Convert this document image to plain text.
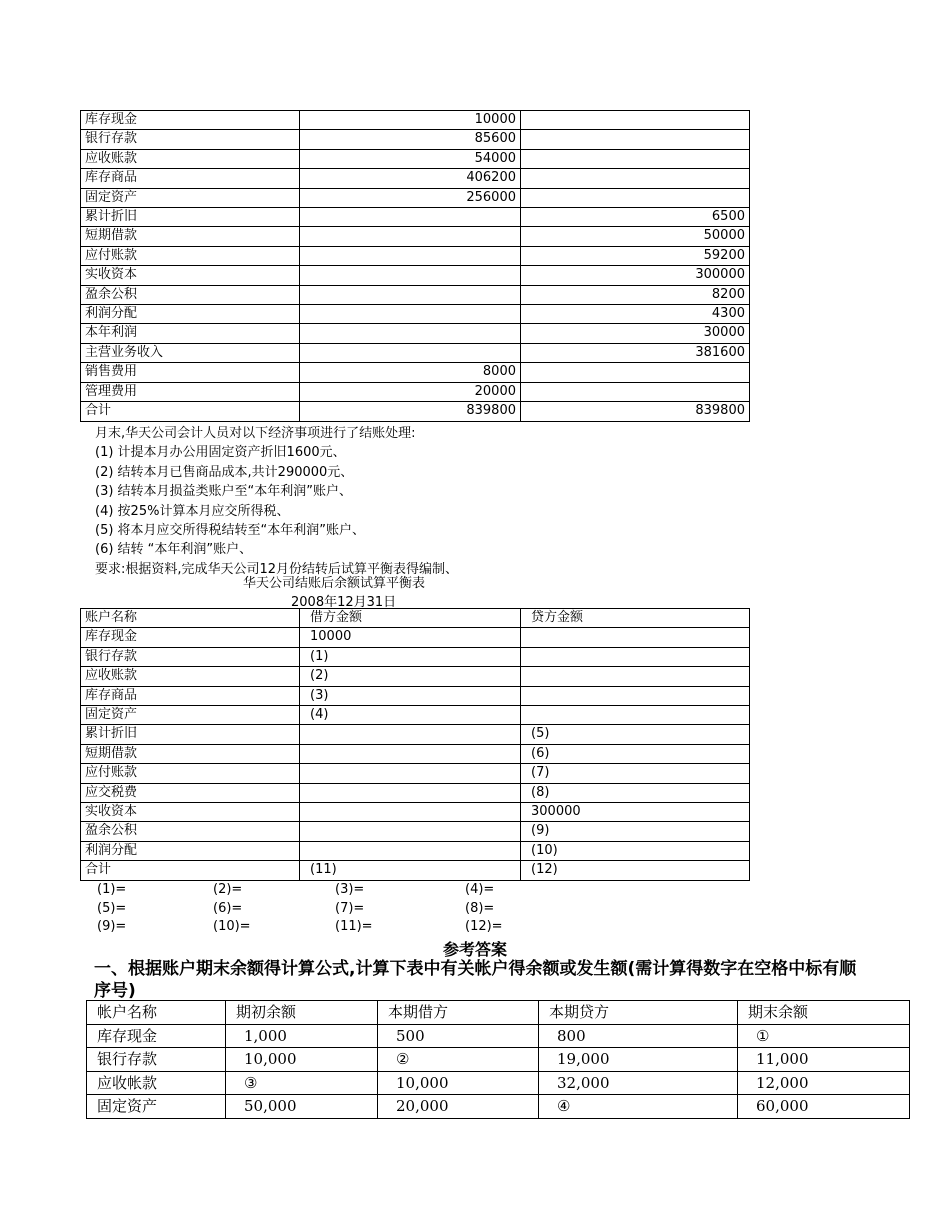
库存现金	10000	
银行存款	85600	
应收账款	54000	
库存商品	406200	
固定资产	256000	
累计折旧		6500
短期借款		50000
应付账款		59200
实收资本		300000
盈余公积		8200
利润分配		4300
本年利润		30000
主营业务收入		381600
销售费用	8000	
管理费用	20000	
合计	839800	839800
月末,华天公司会计人员对以下经济事项进行了结账处理:
(1) 计提本月办公用固定资产折旧1600元、
(2) 结转本月已售商品成本,共计290000元、
(3) 结转本月损益类账户至“本年利润”账户、
(4) 按25%计算本月应交所得税、
(5) 将本月应交所得税结转至“本年利润”账户、
(6) 结转 “本年利润”账户、
要求:根据资料,完成华天公司12月份结转后试算平衡表得编制、
华天公司结账后余额试算平衡表
2008年12月31日
账户名称	借方金额	贷方金额
库存现金	10000	
银行存款	(1)	
应收账款	(2)	
库存商品	(3)	
固定资产	(4)	
累计折旧		(5)
短期借款		(6)
应付账款		(7)
应交税费		(8)
实收资本		300000
盈余公积		(9)
利润分配		(10)
合计	(11)	(12)
(1)=	(2)=	(3)=	(4)=
(5)=	(6)=	(7)=	(8)=
(9)=	(10)=	(11)=	(12)=
参考答案
一、根据账户期末余额得计算公式,计算下表中有关帐户得余额或发生额(需计算得数字在空格中标有顺序号)
帐户名称	期初余额	本期借方	本期贷方	期末余额
库存现金	1,000	500	800	①
银行存款	10,000	②	19,000	11,000
应收帐款	③	10,000	32,000	12,000
固定资产	50,000	20,000	④	60,000
